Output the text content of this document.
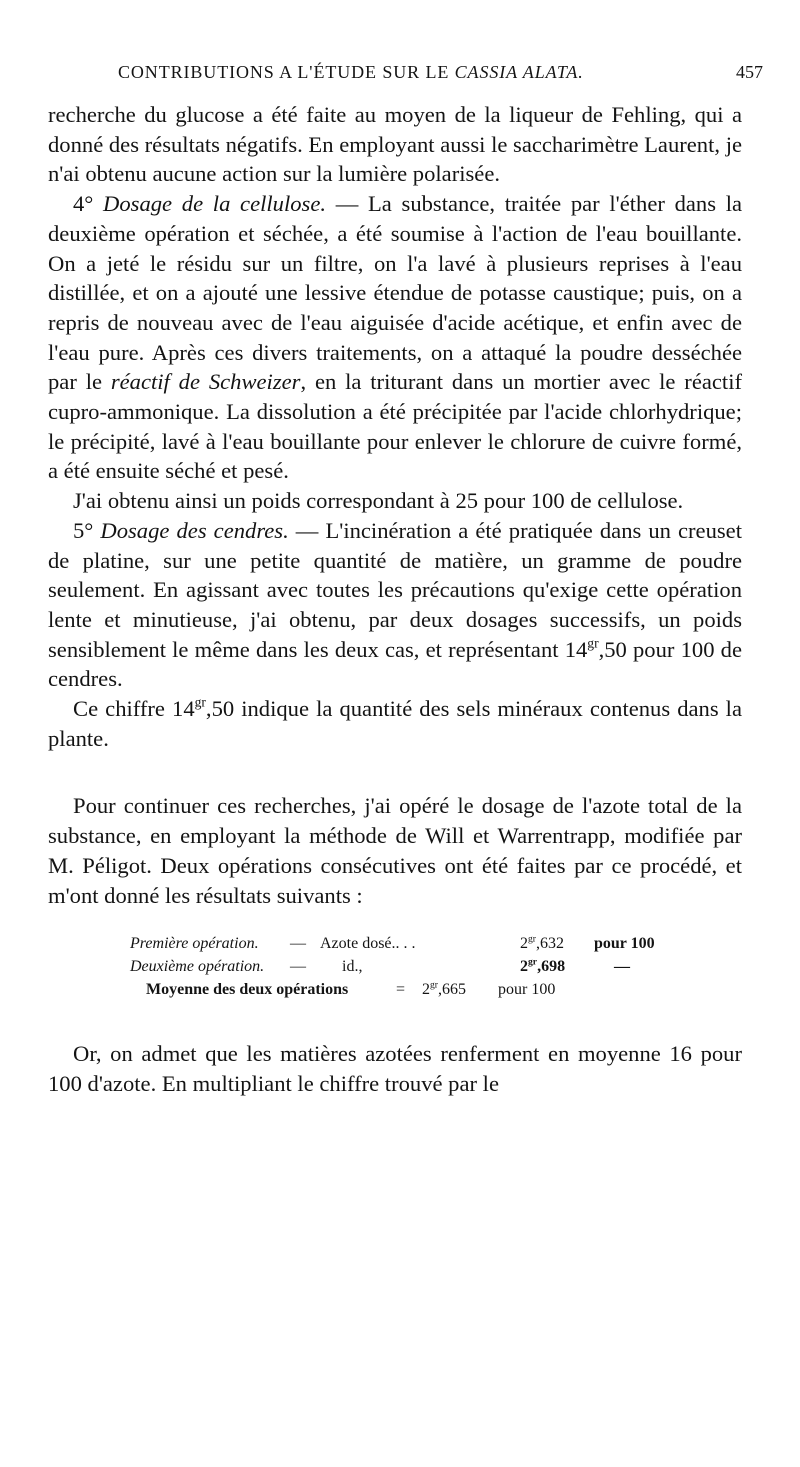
CONTRIBUTIONS A L'ÉTUDE SUR LE CASSIA ALATA.	457

recherche du glucose a été faite au moyen de la liqueur de Fehling, qui a donné des résultats négatifs. En employant aussi le saccharimètre Laurent, je n'ai obtenu aucune action sur la lumière polarisée.

4° Dosage de la cellulose. — La substance, traitée par l'éther dans la deuxième opération et séchée, a été soumise à l'action de l'eau bouillante. On a jeté le résidu sur un filtre, on l'a lavé à plusieurs reprises à l'eau distillée, et on a ajouté une lessive étendue de potasse caustique; puis, on a repris de nouveau avec de l'eau aiguisée d'acide acétique, et enfin avec de l'eau pure. Après ces divers traitements, on a attaqué la poudre desséchée par le réactif de Schweizer, en la triturant dans un mortier avec le réactif cupro-ammonique. La dissolution a été précipitée par l'acide chlorhydrique; le précipité, lavé à l'eau bouillante pour enlever le chlorure de cuivre formé, a été ensuite séché et pesé.

J'ai obtenu ainsi un poids correspondant à 25 pour 100 de cellulose.

5° Dosage des cendres. — L'incinération a été pratiquée dans un creuset de platine, sur une petite quantité de matière, un gramme de poudre seulement. En agissant avec toutes les précautions qu'exige cette opération lente et minutieuse, j'ai obtenu, par deux dosages successifs, un poids sensiblement le même dans les deux cas, et représentant $14^{gr},50$ pour 100 de cendres.

Ce chiffre $14^{gr},50$ indique la quantité des sels minéraux contenus dans la plante.

Pour continuer ces recherches, j'ai opéré le dosage de l'azote total de la substance, en employant la méthode de Will et Warrentrapp, modifiée par M. Péligot. Deux opérations consécutives ont été faites par ce procédé, et m'ont donné les résultats suivants :

Première opération. — Azote dosé.. . .	$2^{gr},632$ pour 100
Deuxième opération. — id.,	$2^{gr},698$	—
Moyenne des deux opérations	= $2^{gr},665$ pour 100

Or, on admet que les matières azotées renferment en moyenne 16 pour 100 d'azote. En multipliant le chiffre trouvé par le
